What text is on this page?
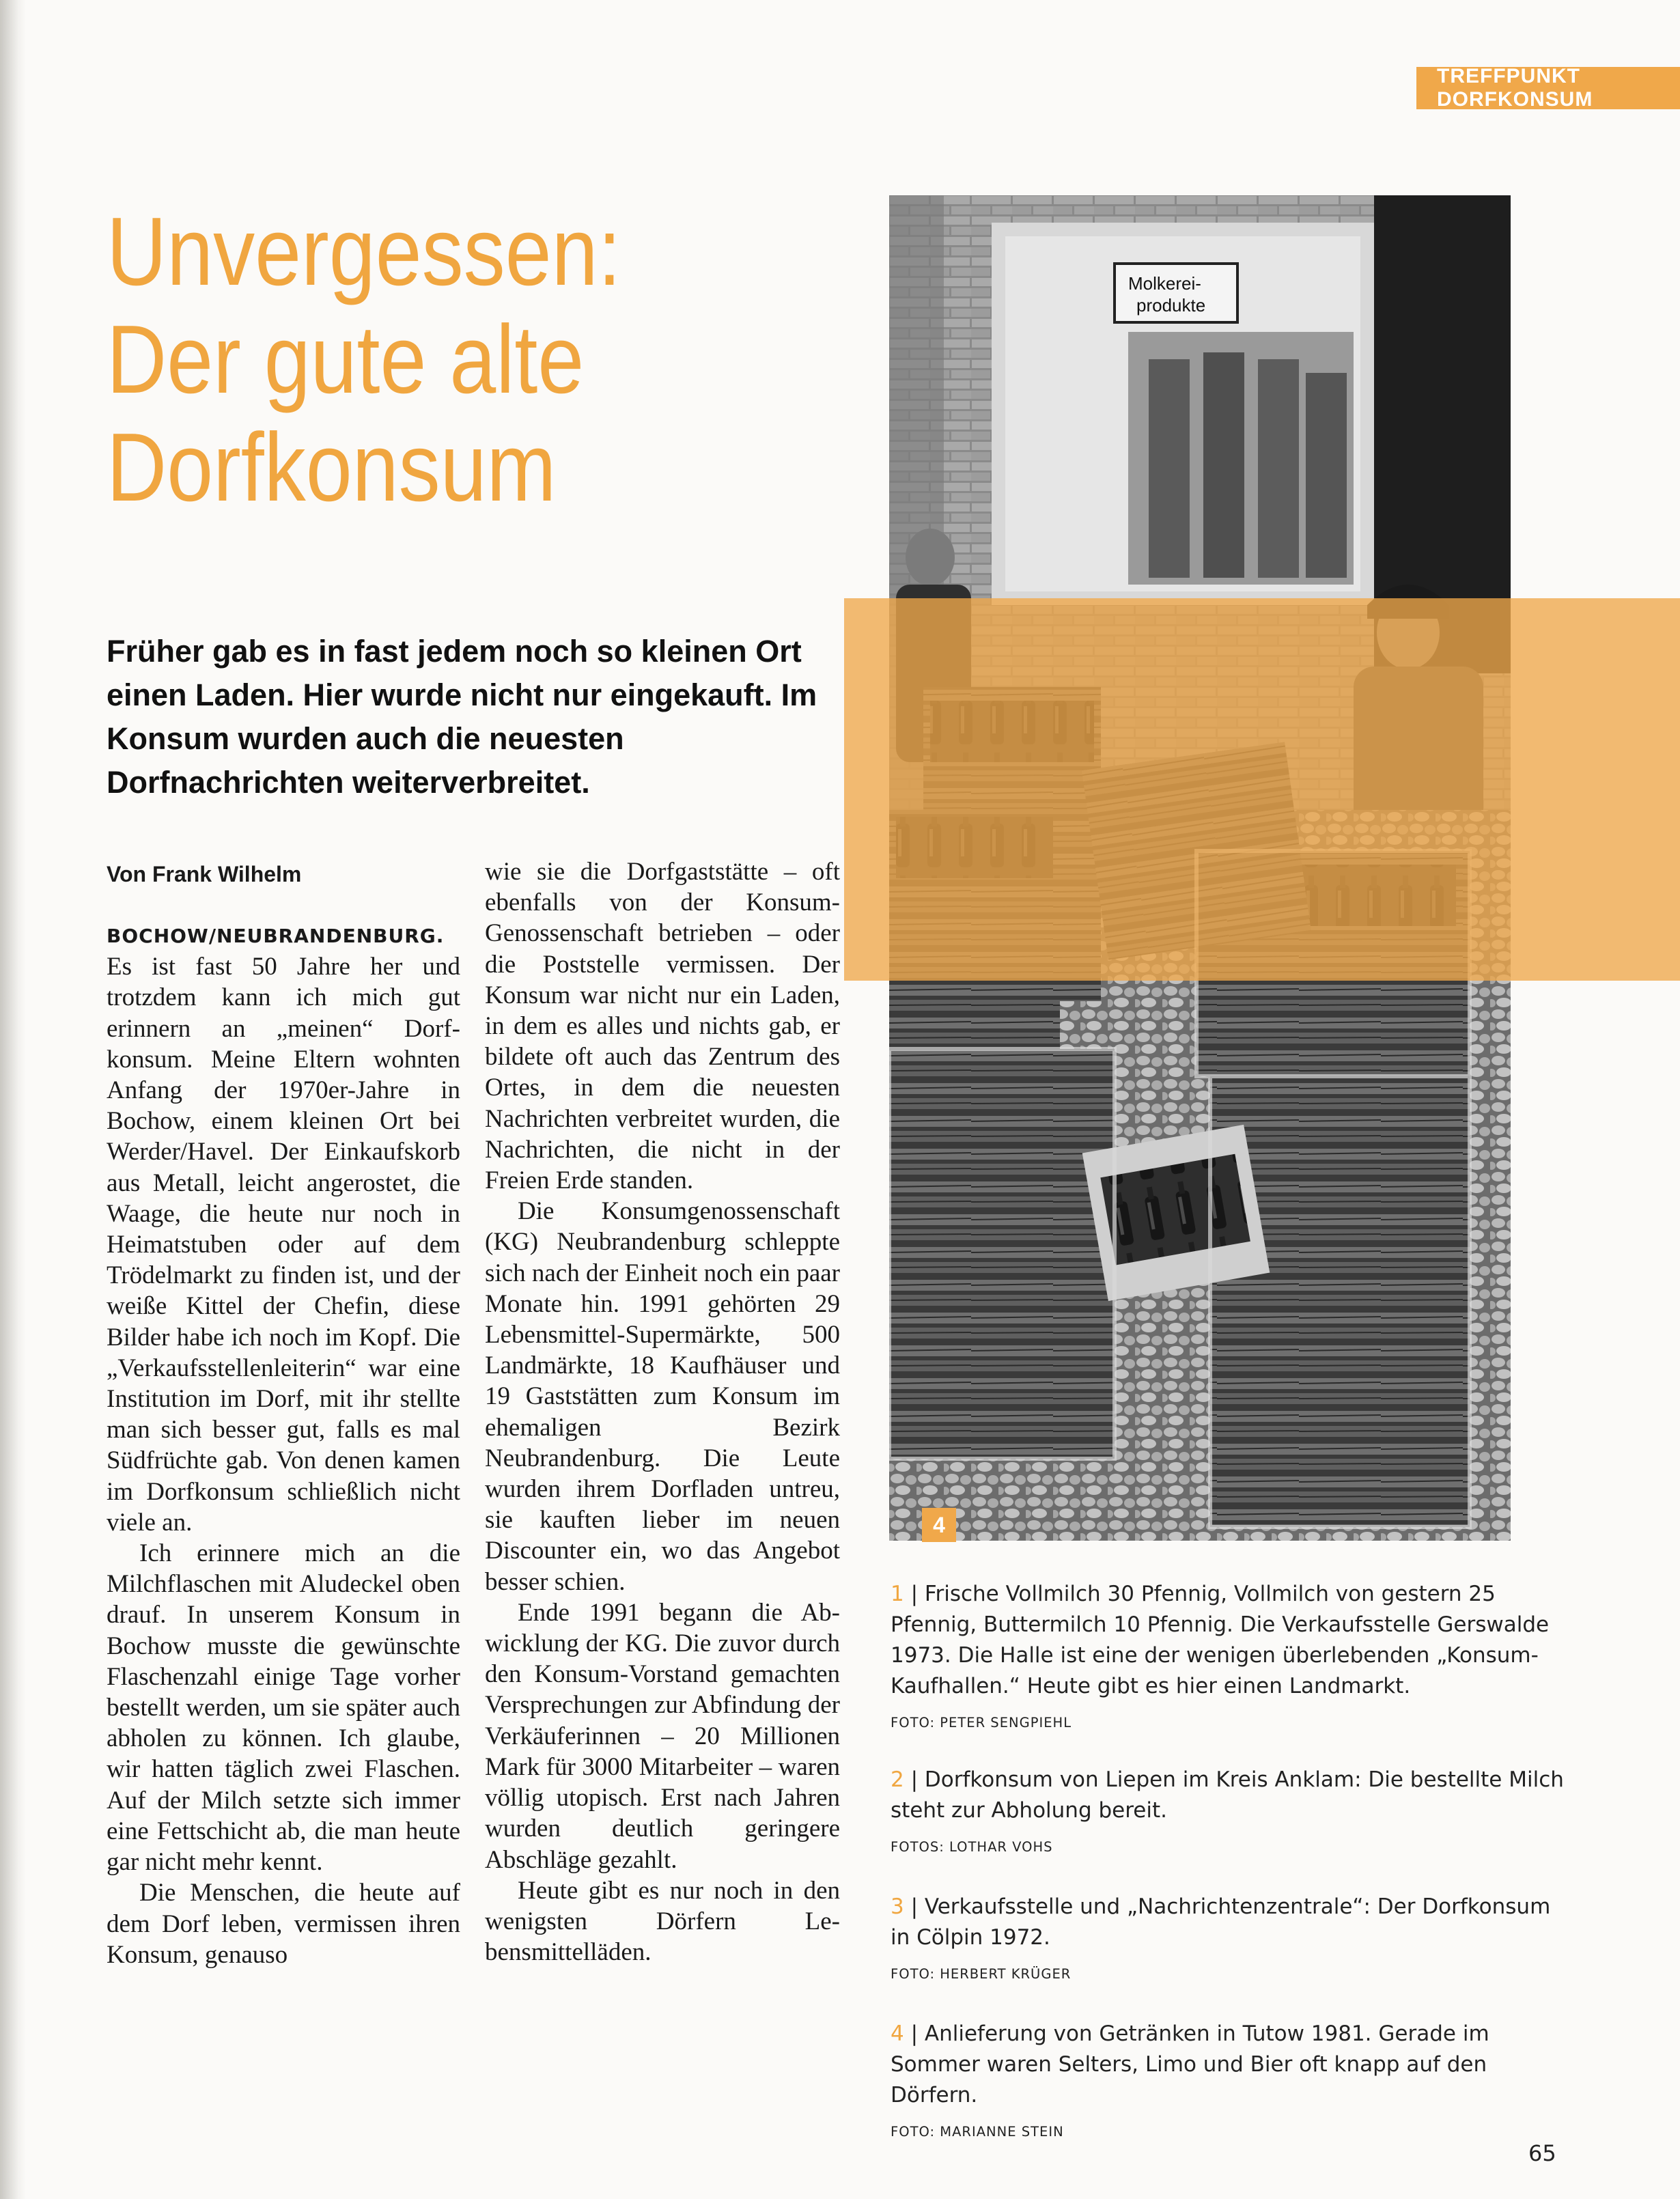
TREFFPUNKT DORFKONSUM
Unvergessen:
Der gute alte
Dorfkonsum

Früher gab es in fast jedem noch so kleinen Ort einen Laden. Hier wurde nicht nur eingekauft. Im Konsum wurden auch die neuesten Dorfnachrichten weiterverbreitet.

Von Frank Wilhelm
BOCHOW/NEUBRANDENBURG.

Es ist fast 50 Jahre her und trotzdem kann ich mich gut erinnern an „meinen“ Dorfkonsum. Meine Eltern wohnten Anfang der 1970er-Jahre in Bochow, einem kleinen Ort bei Werder/Havel. Der Einkaufskorb aus Metall, leicht angerostet, die Waage, die heute nur noch in Heimatstuben oder auf dem Trödelmarkt zu finden ist, und der weiße Kittel der Chefin, diese Bilder habe ich noch im Kopf. Die „Verkaufsstellenleiterin“ war eine Institution im Dorf, mit ihr stellte man sich besser gut, falls es mal Südfrüchte gab. Von denen kamen im Dorfkonsum schließlich nicht viele an.

Ich erinnere mich an die Milchflaschen mit Aludeckel oben drauf. In unserem Konsum in Bochow musste die gewünschte Flaschenzahl einige Tage vorher bestellt werden, um sie später auch abholen zu können. Ich glaube, wir hatten täglich zwei Flaschen. Auf der Milch setzte sich immer eine Fettschicht ab, die man heute gar nicht mehr kennt.

Die Menschen, die heute auf dem Dorf leben, vermissen ihren Konsum, genauso

wie sie die Dorfgaststätte – oft ebenfalls von der Konsum-Genossenschaft betrieben – oder die Poststelle vermissen. Der Konsum war nicht nur ein Laden, in dem es alles und nichts gab, er bildete oft auch das Zentrum des Ortes, in dem die neuesten Nachrichten verbreitet wurden, die Nachrichten, die nicht in der Freien Erde standen.

Die Konsumgenossenschaft (KG) Neubrandenburg schleppte sich nach der Einheit noch ein paar Monate hin. 1991 gehörten 29 Lebensmittel-Supermärkte, 500 Landmärkte, 18 Kaufhäuser und 19 Gaststätten zum Konsum im ehemaligen Bezirk Neubrandenburg. Die Leute wurden ihrem Dorfladen untreu, sie kauften lieber im neuen Discounter ein, wo das Angebot besser schien.

Ende 1991 begann die Abwicklung der KG. Die zuvor durch den Konsum-Vorstand gemachten Versprechungen zur Abfindung der Verkäuferinnen – 20 Millionen Mark für 3000 Mitarbeiter – waren völlig utopisch. Erst nach Jahren wurden deutlich geringere Abschläge gezahlt.

Heute gibt es nur noch in den wenigsten Dörfern Lebensmittelläden.

Molkerei-
produkte
4
1 | Frische Vollmilch 30 Pfennig, Vollmilch von gestern 25 Pfennig, Buttermilch 10 Pfennig. Die Verkaufsstelle Gerswalde 1973. Die Halle ist eine der wenigen überlebenden „Konsum-Kaufhallen.“ Heute gibt es hier einen Landmarkt.
FOTO: PETER SENGPIEHL
2 | Dorfkonsum von Liepen im Kreis Anklam: Die bestellte Milch steht zur Abholung bereit.
FOTOS: LOTHAR VOHS
3 | Verkaufsstelle und „Nachrichtenzentrale“: Der Dorfkonsum in Cölpin 1972.
FOTO: HERBERT KRÜGER
4 | Anlieferung von Getränken in Tutow 1981. Gerade im Sommer waren Selters, Limo und Bier oft knapp auf den Dörfern.
FOTO: MARIANNE STEIN
65
